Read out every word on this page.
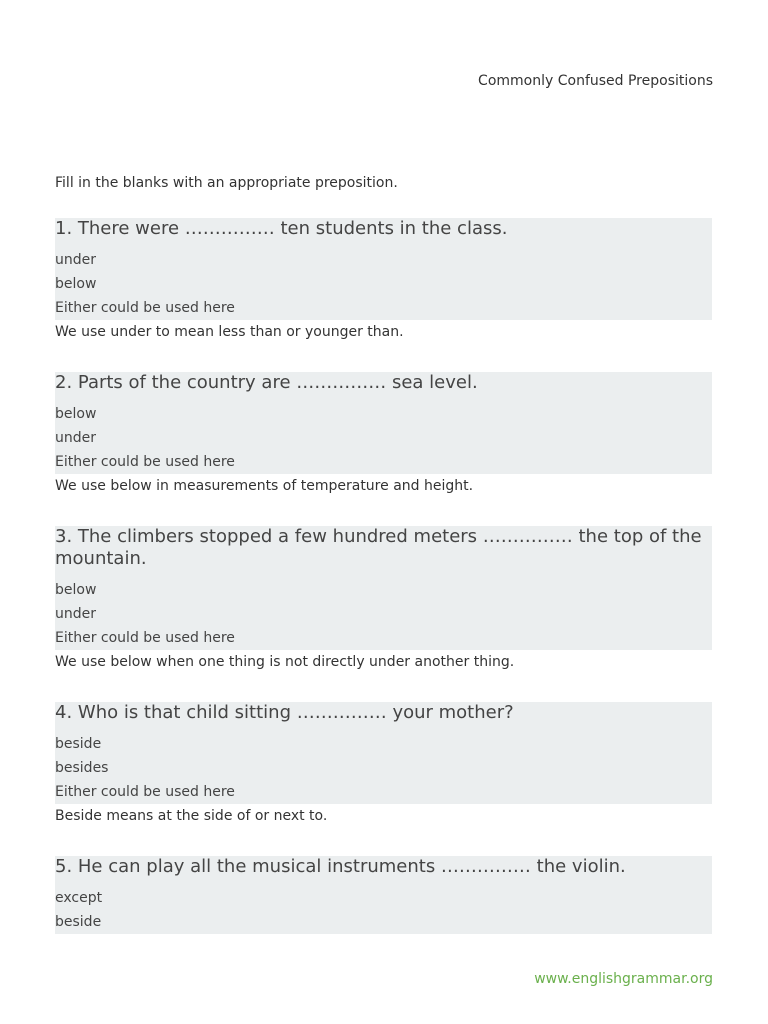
Commonly Confused Prepositions
Fill in the blanks with an appropriate preposition.

1. There were …………… ten students in the class.

under
below
Either could be used here
We use under to mean less than or younger than.

2. Parts of the country are …………… sea level.

below
under
Either could be used here
We use below in measurements of temperature and height.

3. The climbers stopped a few hundred meters …………… the top of the mountain.

below
under
Either could be used here
We use below when one thing is not directly under another thing.

4. Who is that child sitting …………… your mother?

beside
besides
Either could be used here
Beside means at the side of or next to.

5. He can play all the musical instruments …………… the violin.

except
beside
www.englishgrammar.org
